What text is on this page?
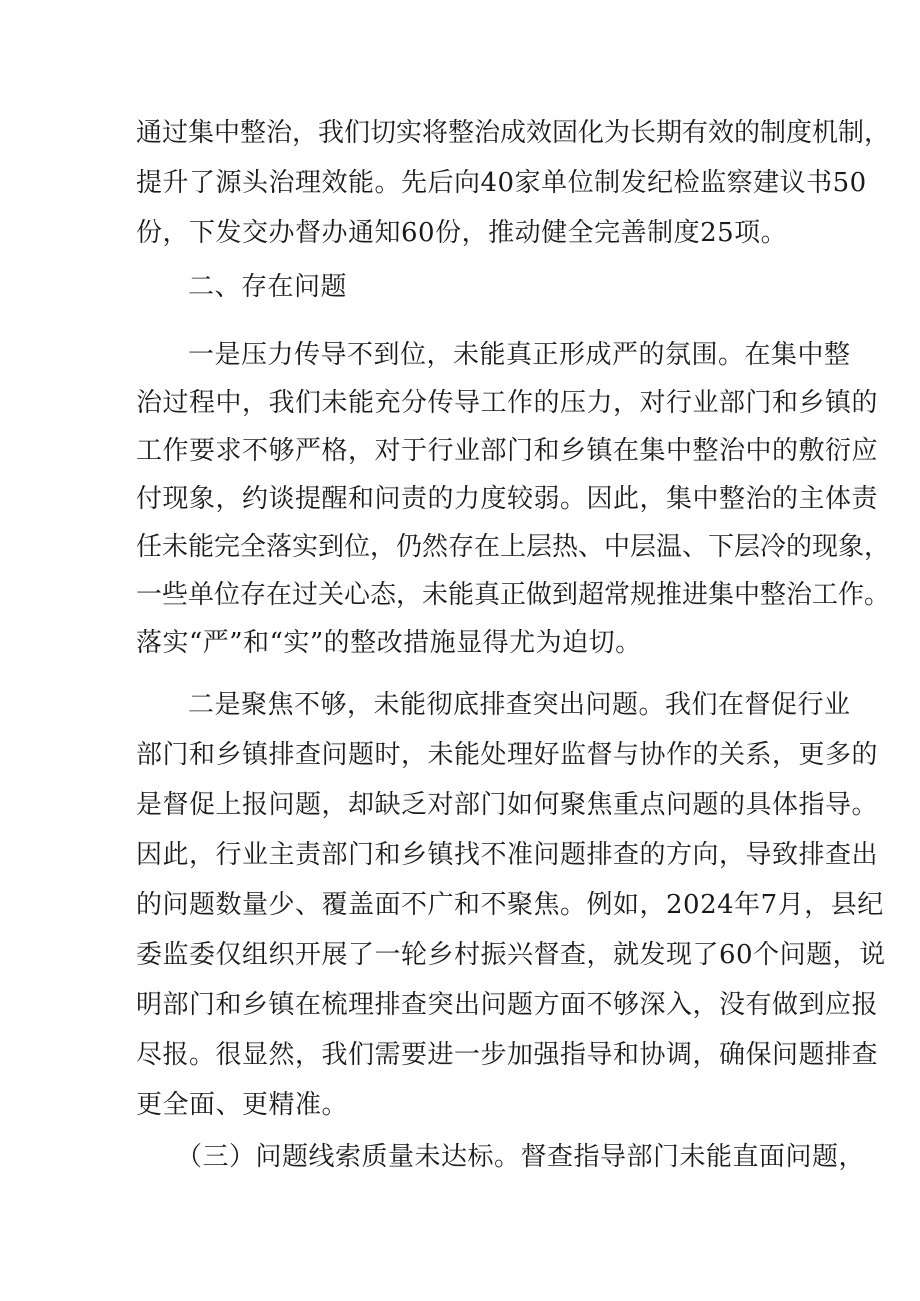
通过集中整治，我们切实将整治成效固化为长期有效的制度机制，
提升了源头治理效能。先后向40家单位制发纪检监察建议书50
份，下发交办督办通知60份，推动健全完善制度25项。
二、存在问题
一是压力传导不到位，未能真正形成严的氛围。在集中整
治过程中，我们未能充分传导工作的压力，对行业部门和乡镇的
工作要求不够严格，对于行业部门和乡镇在集中整治中的敷衍应
付现象，约谈提醒和问责的力度较弱。因此，集中整治的主体责
任未能完全落实到位，仍然存在上层热、中层温、下层冷的现象，
一些单位存在过关心态，未能真正做到超常规推进集中整治工作。
落实“严”和“实”的整改措施显得尤为迫切。
二是聚焦不够，未能彻底排查突出问题。我们在督促行业
部门和乡镇排查问题时，未能处理好监督与协作的关系，更多的
是督促上报问题，却缺乏对部门如何聚焦重点问题的具体指导。
因此，行业主责部门和乡镇找不准问题排查的方向，导致排查出
的问题数量少、覆盖面不广和不聚焦。例如，2024年7月，县纪
委监委仅组织开展了一轮乡村振兴督查，就发现了60个问题，说
明部门和乡镇在梳理排查突出问题方面不够深入，没有做到应报
尽报。很显然，我们需要进一步加强指导和协调，确保问题排查
更全面、更精准。
（三）问题线索质量未达标。督查指导部门未能直面问题，
